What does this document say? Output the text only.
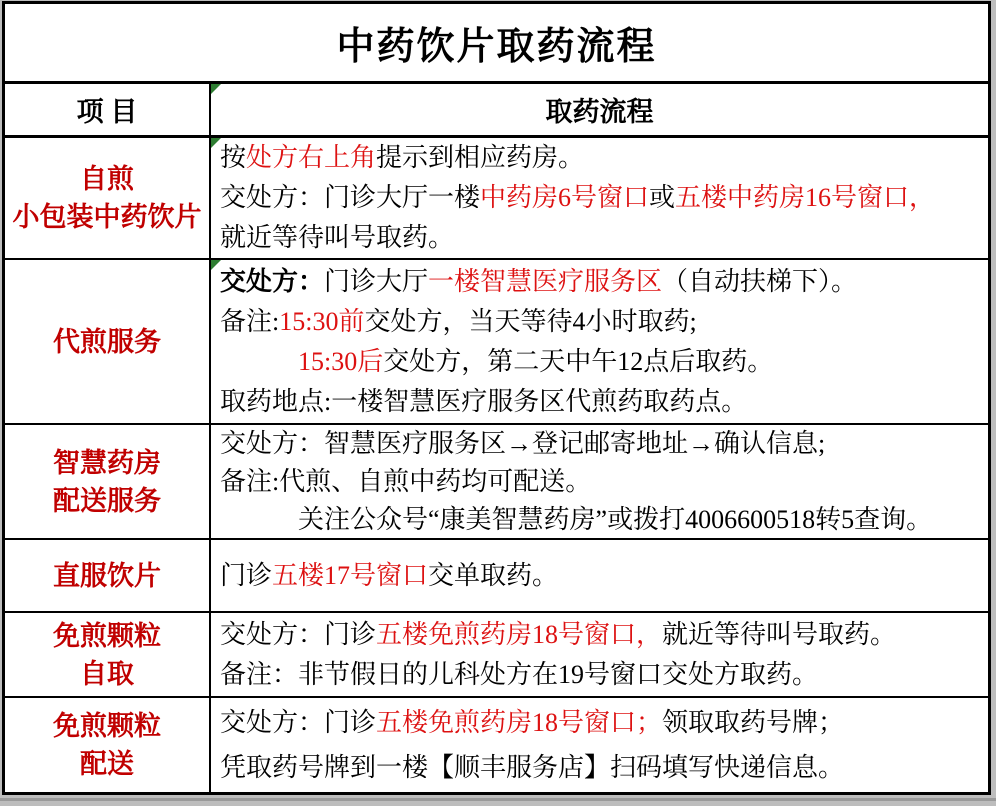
中药饮片取药流程
项 目	取药流程
自煎
小包装中药饮片
按处方右上角提示到相应药房。
交处方：门诊大厅一楼中药房6号窗口或五楼中药房16号窗口，
就近等待叫号取药。
代煎服务
交处方：门诊大厅一楼智慧医疗服务区（自动扶梯下）。
备注:15:30前交处方，当天等待4小时取药;
　　　15:30后交处方，第二天中午12点后取药。
取药地点:一楼智慧医疗服务区代煎药取药点。
智慧药房
配送服务
交处方：智慧医疗服务区→登记邮寄地址→确认信息;
备注:代煎、自煎中药均可配送。
　　　关注公众号“康美智慧药房”或拨打4006600518转5查询。
直服饮片 门诊五楼17号窗口交单取药。
免煎颗粒
自取
交处方：门诊五楼免煎药房18号窗口，就近等待叫号取药。
备注：非节假日的儿科处方在19号窗口交处方取药。
免煎颗粒
配送
交处方：门诊五楼免煎药房18号窗口；领取取药号牌；
凭取药号牌到一楼【顺丰服务店】扫码填写快递信息。
